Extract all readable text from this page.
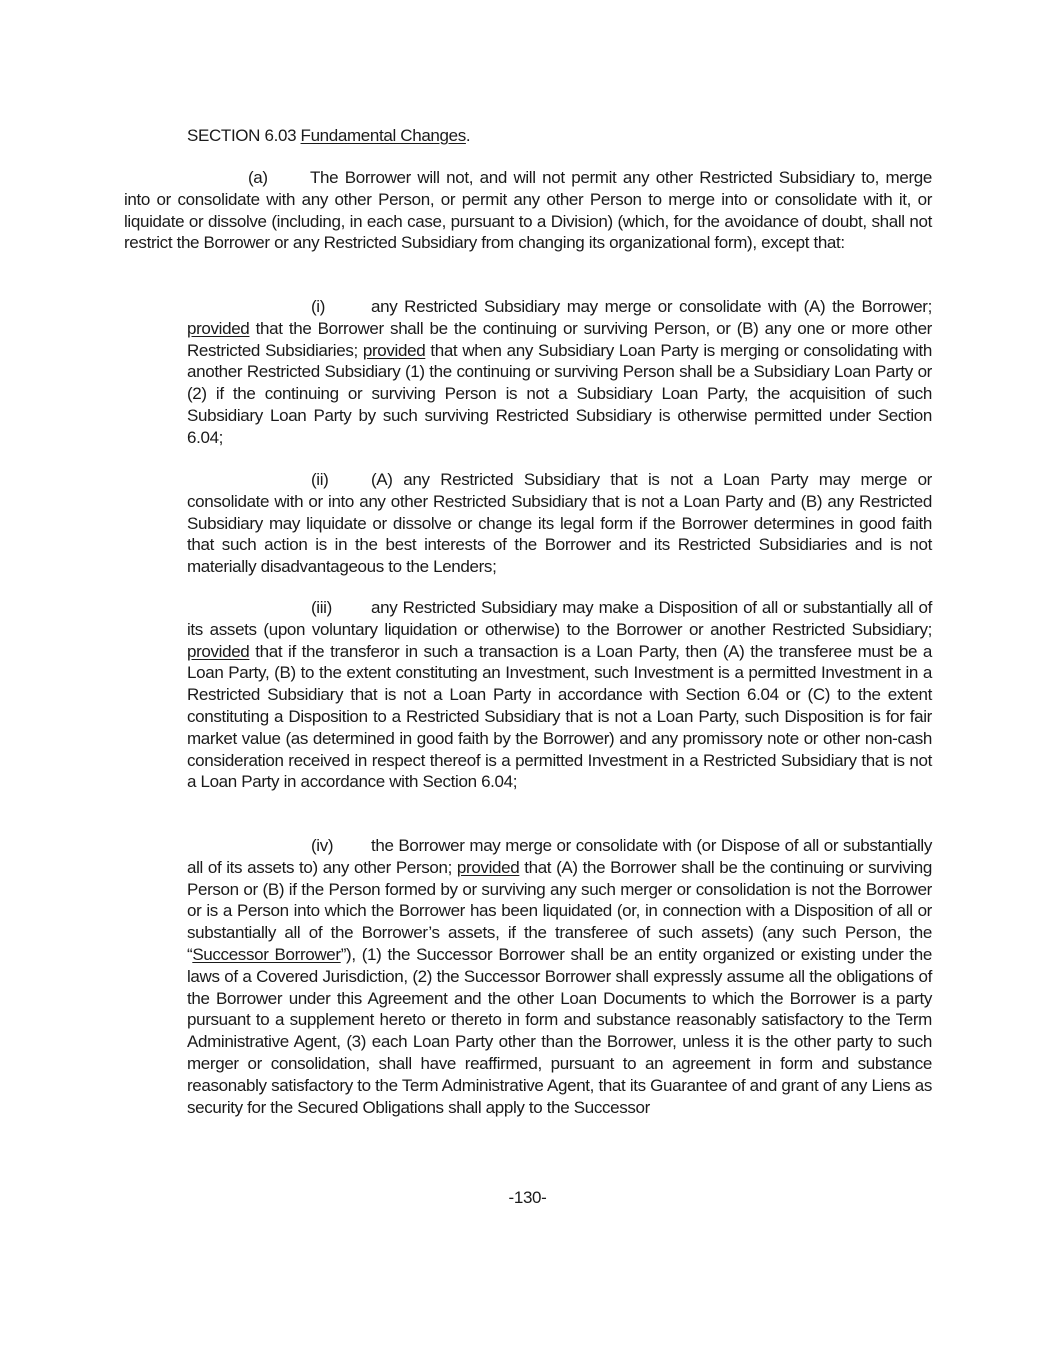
SECTION 6.03 Fundamental Changes.
(a) The Borrower will not, and will not permit any other Restricted Subsidiary to, merge into or consolidate with any other Person, or permit any other Person to merge into or consolidate with it, or liquidate or dissolve (including, in each case, pursuant to a Division) (which, for the avoidance of doubt, shall not restrict the Borrower or any Restricted Subsidiary from changing its organizational form), except that:
(i)	any Restricted Subsidiary may merge or consolidate with (A) the Borrower; provided that the Borrower shall be the continuing or surviving Person, or (B) any one or more other Restricted Subsidiaries; provided that when any Subsidiary Loan Party is merging or consolidating with another Restricted Subsidiary (1) the continuing or surviving Person shall be a Subsidiary Loan Party or (2) if the continuing or surviving Person is not a Subsidiary Loan Party, the acquisition of such Subsidiary Loan Party by such surviving Restricted Subsidiary is otherwise permitted under Section 6.04;
(ii)	(A) any Restricted Subsidiary that is not a Loan Party may merge or consolidate with or into any other Restricted Subsidiary that is not a Loan Party and (B) any Restricted Subsidiary may liquidate or dissolve or change its legal form if the Borrower determines in good faith that such action is in the best interests of the Borrower and its Restricted Subsidiaries and is not materially disadvantageous to the Lenders;
(iii) any Restricted Subsidiary may make a Disposition of all or substantially all of its assets (upon voluntary liquidation or otherwise) to the Borrower or another Restricted Subsidiary; provided that if the transferor in such a transaction is a Loan Party, then (A) the transferee must be a Loan Party, (B) to the extent constituting an Investment, such Investment is a permitted Investment in a Restricted Subsidiary that is not a Loan Party in accordance with Section 6.04 or (C) to the extent constituting a Disposition to a Restricted Subsidiary that is not a Loan Party, such Disposition is for fair market value (as determined in good faith by the Borrower) and any promissory note or other non-cash consideration received in respect thereof is a permitted Investment in a Restricted Subsidiary that is not a Loan Party in accordance with Section 6.04;
(iv) the Borrower may merge or consolidate with (or Dispose of all or substantially all of its assets to) any other Person; provided that (A) the Borrower shall be the continuing or surviving Person or (B) if the Person formed by or surviving any such merger or consolidation is not the Borrower or is a Person into which the Borrower has been liquidated (or, in connection with a Disposition of all or substantially all of the Borrower’s assets, if the transferee of such assets) (any such Person, the “Successor Borrower”), (1) the Successor Borrower shall be an entity organized or existing under the laws of a Covered Jurisdiction, (2) the Successor Borrower shall expressly assume all the obligations of the Borrower under this Agreement and the other Loan Documents to which the Borrower is a party pursuant to a supplement hereto or thereto in form and substance reasonably satisfactory to the Term Administrative Agent, (3) each Loan Party other than the Borrower, unless it is the other party to such merger or consolidation, shall have reaffirmed, pursuant to an agreement in form and substance reasonably satisfactory to the Term Administrative Agent, that its Guarantee of and grant of any Liens as security for the Secured Obligations shall apply to the Successor
-130-
